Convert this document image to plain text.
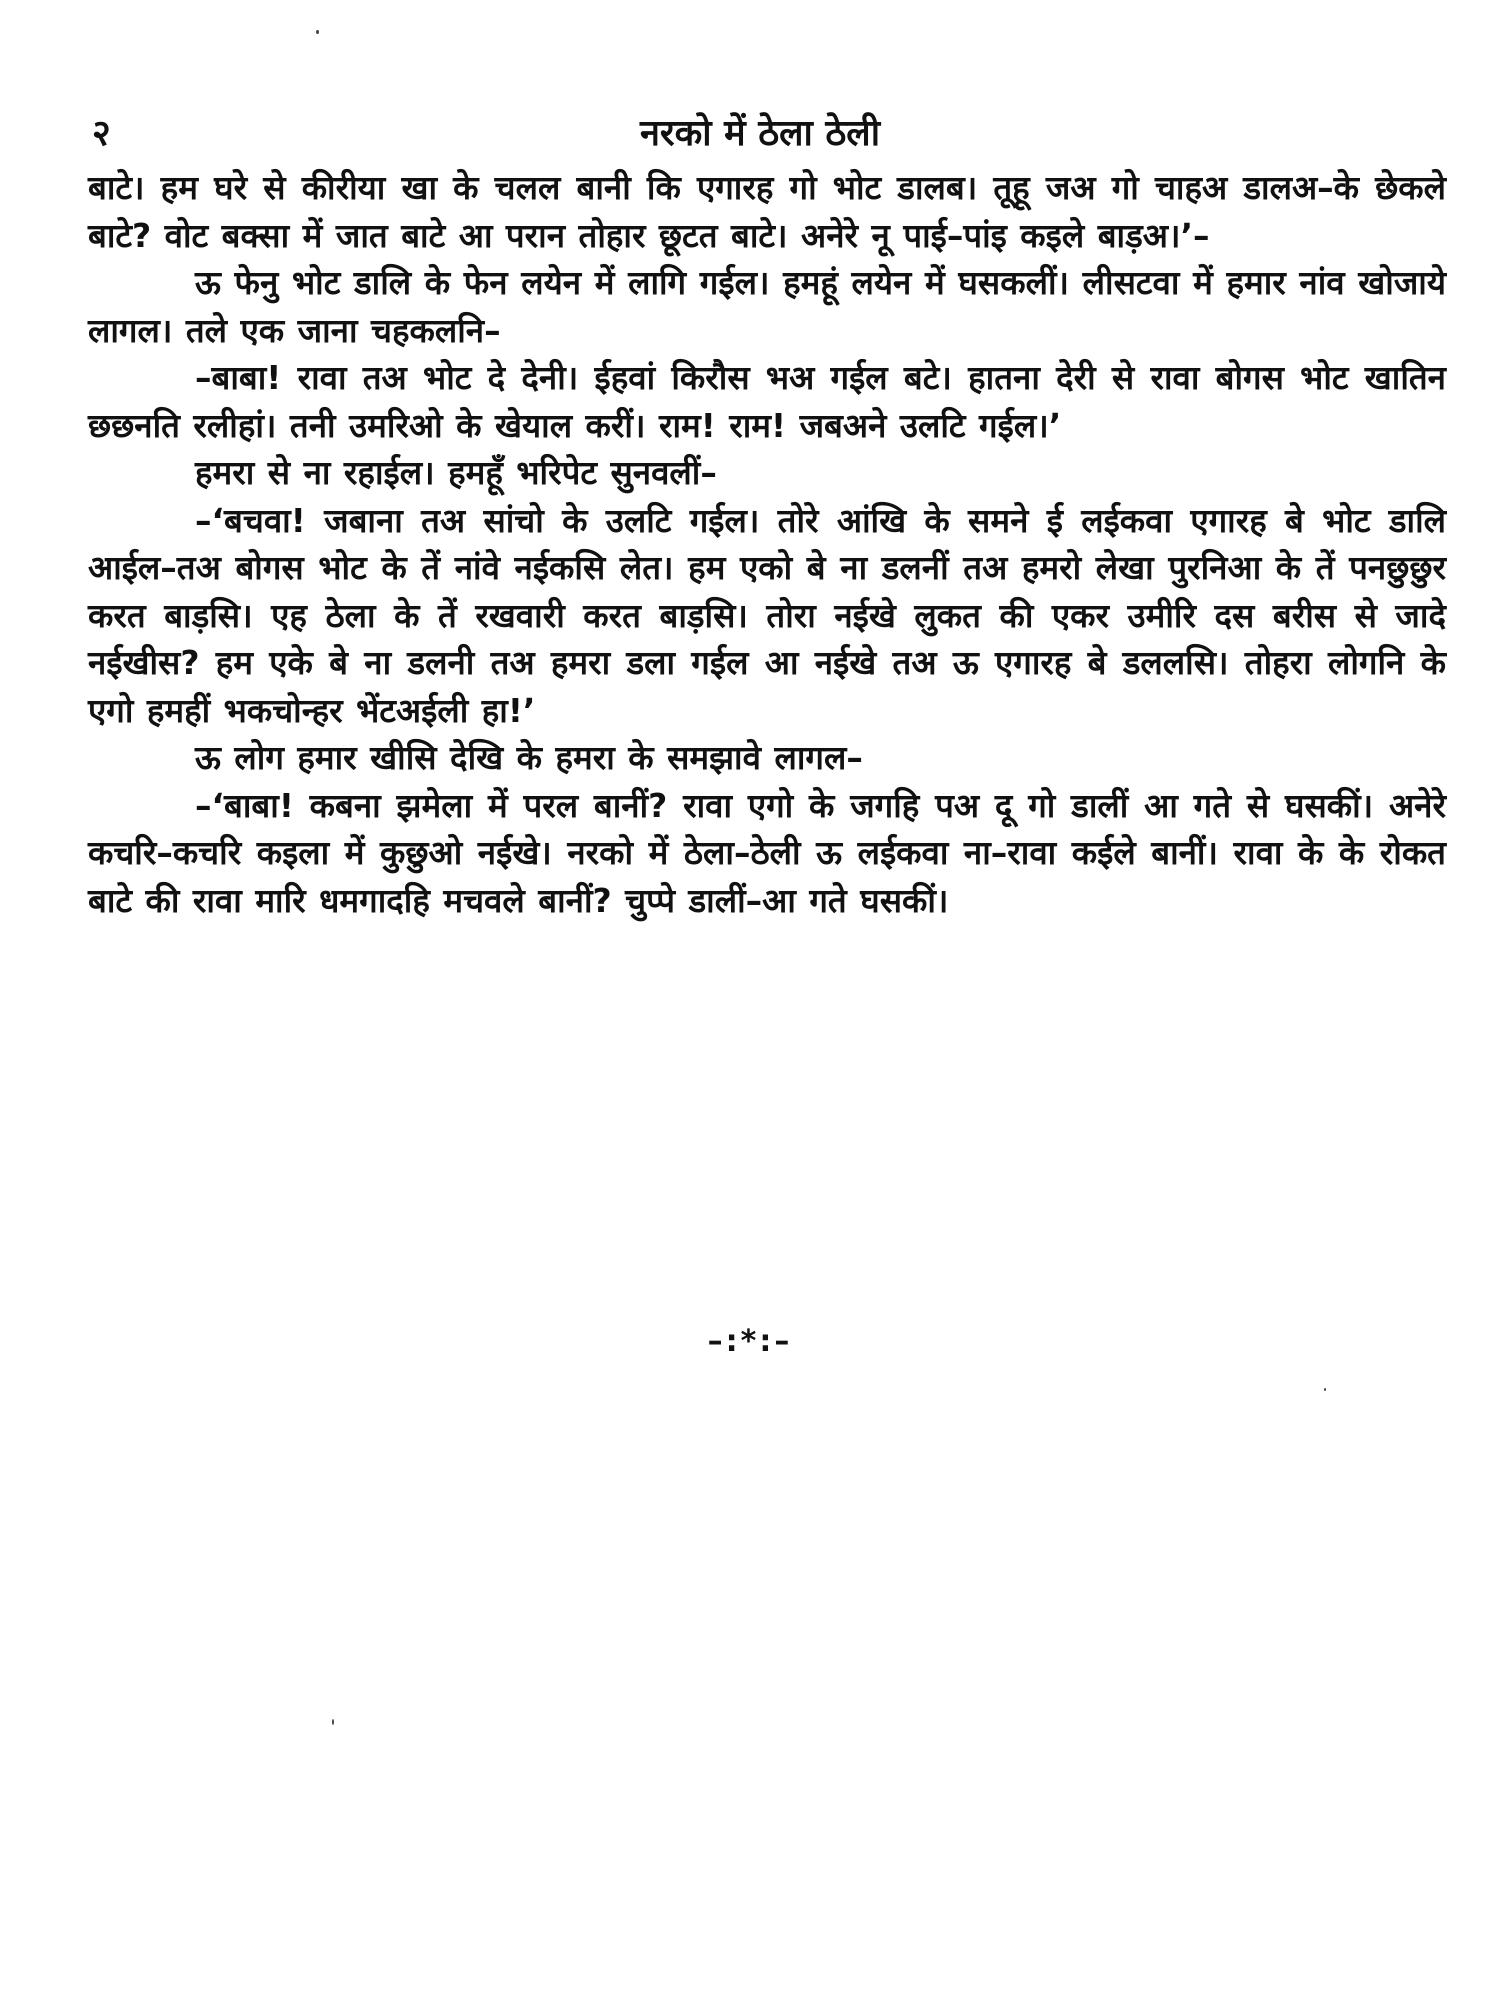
२	नरको में ठेला ठेली

बाटे। हम घरे से कीरीया खा के चलल बानी कि एगारह गो भोट डालब। तूहू जअ गो चाहअ डालअ–के छेकले बाटे? वोट बक्सा में जात बाटे आ परान तोहार छूटत बाटे। अनेरे नू पाई–पांइ कइले बाड़अ।’–

ऊ फेनु भोट डालि के फेन लयेन में लागि गईल। हमहूं लयेन में घसकलीं। लीसटवा में हमार नांव खोजाये लागल। तले एक जाना चहकलनि–

–बाबा! रावा तअ भोट दे देनी। ईहवां किरौस भअ गईल बटे। हातना देरी से रावा बोगस भोट खातिन छछनति रलीहां। तनी उमरिओ के खेयाल करीं। राम! राम! जबअने उलटि गईल।’

हमरा से ना रहाईल। हमहूँ भरिपेट सुनवलीं–

–‘बचवा! जबाना तअ सांचो के उलटि गईल। तोरे आंखि के समने ई लईकवा एगारह बे भोट डालि आईल–तअ बोगस भोट के तें नांवे नईकसि लेत। हम एको बे ना डलनीं तअ हमरो लेखा पुरनिआ के तें पनछुछुर करत बाड़सि। एह ठेला के तें रखवारी करत बाड़सि। तोरा नईखे लुकत की एकर उमीरि दस बरीस से जादे नईखीस? हम एके बे ना डलनी तअ हमरा डला गईल आ नईखे तअ ऊ एगारह बे डललसि। तोहरा लोगनि के एगो हमहीं भकचोन्हर भेंटअईली हा!’

ऊ लोग हमार खीसि देखि के हमरा के समझावे लागल–

–‘बाबा! कबना झमेला में परल बानीं? रावा एगो के जगहि पअ दू गो डालीं आ गते से घसकीं। अनेरे कचरि–कचरि कइला में कुछुओ नईखे। नरको में ठेला–ठेली ऊ लईकवा ना–रावा कईले बानीं। रावा के के रोकत बाटे की रावा मारि धमगादहि मचवले बानीं? चुप्पे डालीं–आ गते घसकीं।

–:*:–
